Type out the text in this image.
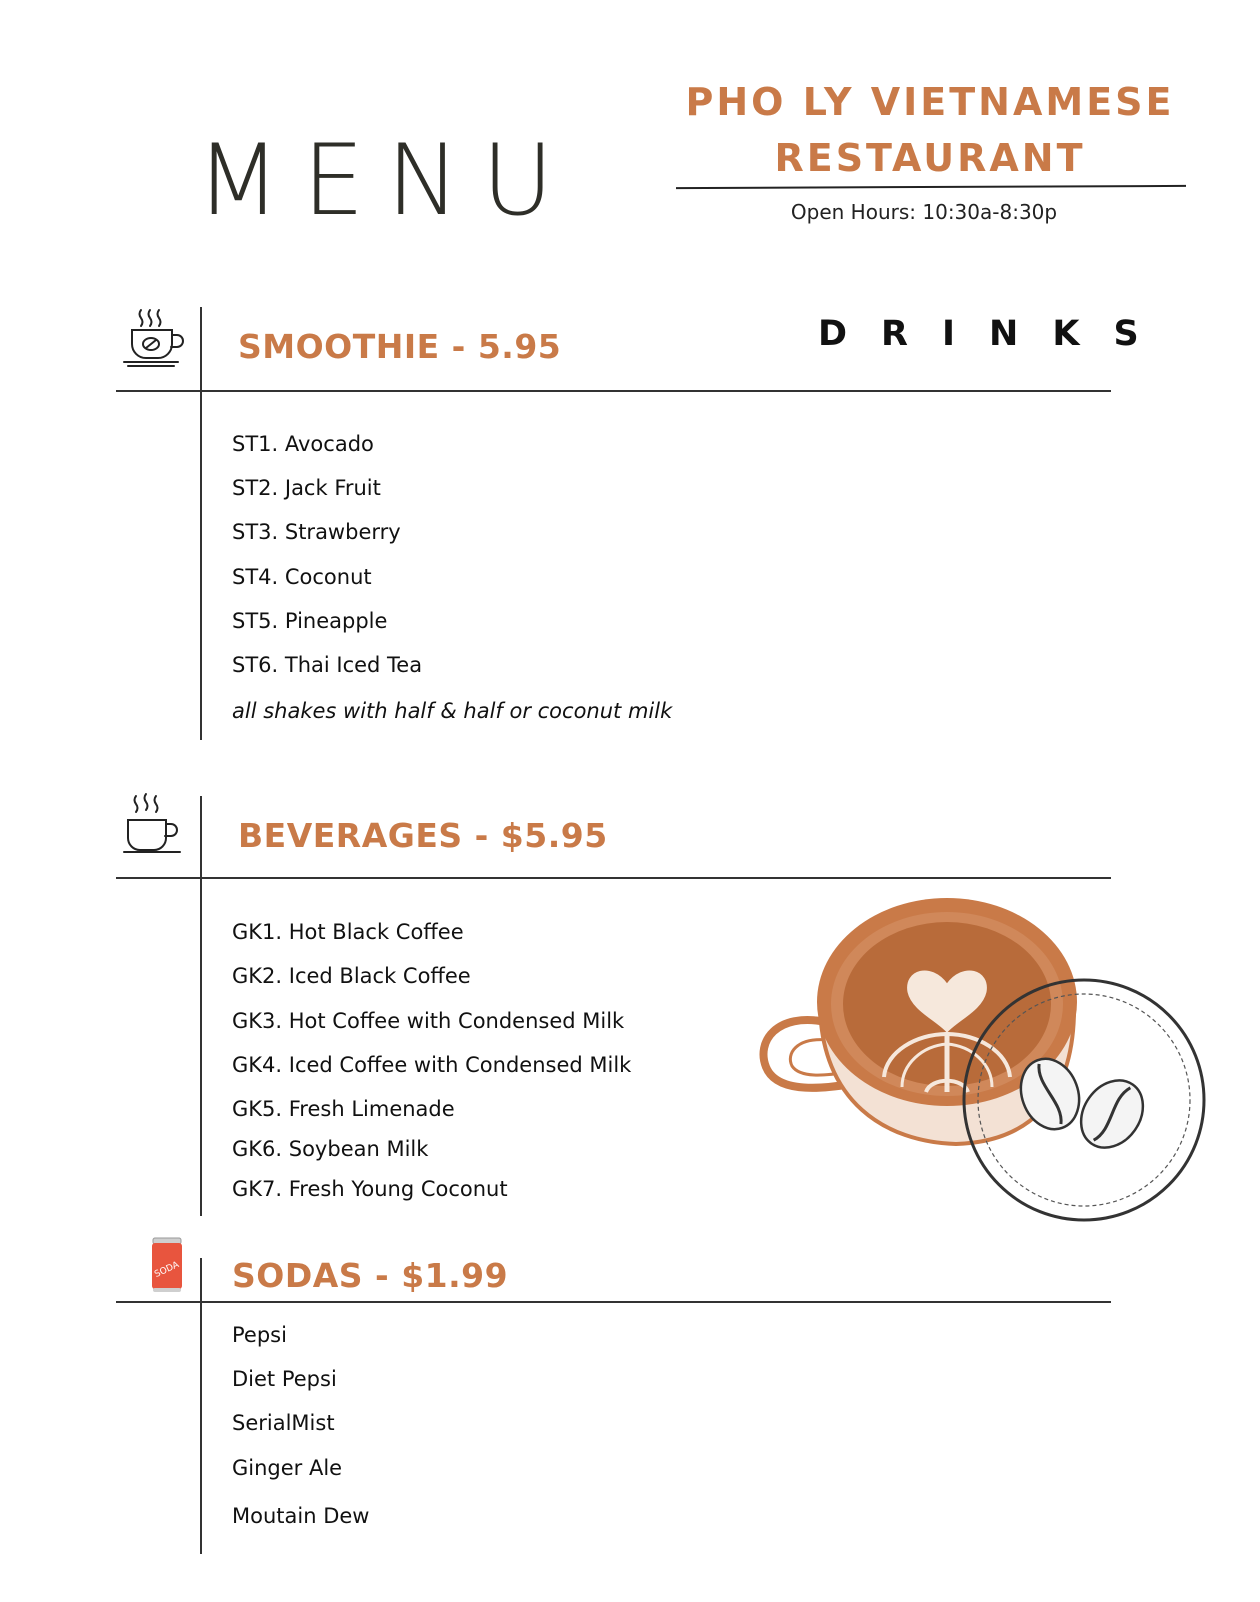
MENU
PHO LY VIETNAMESE
RESTAURANT
Open Hours: 10:30a-8:30p
DRINKS
SMOOTHIE - 5.95
ST1. Avocado
ST2. Jack Fruit
ST3. Strawberry
ST4. Coconut
ST5. Pineapple
ST6. Thai Iced Tea
all shakes with half & half or coconut milk
BEVERAGES - $5.95
GK1. Hot Black Coffee
GK2. Iced Black Coffee
GK3. Hot Coffee with Condensed Milk
GK4. Iced Coffee with Condensed Milk
GK5. Fresh Limenade
GK6. Soybean Milk
GK7. Fresh Young Coconut
SODA SODAS - $1.99
Pepsi
Diet Pepsi
SerialMist
Ginger Ale
Moutain Dew
